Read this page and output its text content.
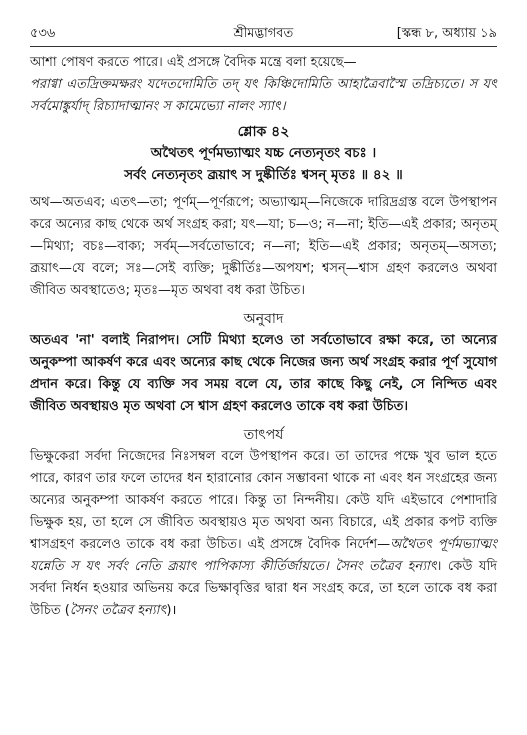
৫৩৬	শ্রীমদ্ভাগবত	[স্কন্ধ ৮, অধ্যায় ১৯

আশা পোষণ করতে পারে। এই প্রসঙ্গে বৈদিক মন্ত্রে বলা হয়েছে—

পরাগ্বা এতদ্রিক্তমক্ষরং যদেতদোমিতি তদ্ যৎ কিঞ্চিদোমিতি আহাত্রৈবাস্মৈ তদ্রিচ্যতে। স যৎ সর্বমোঙ্কুর্যাদ্ রিচ্যাদাত্মানং স কামেভ্যো নালং স্যাৎ।

শ্লোক ৪২
অথৈতৎ পূর্ণমভ্যাত্মং যচ্চ নেত্যনৃতং বচঃ ।
সর্বং নেত্যনৃতং ব্রূয়াৎ স দুষ্কীর্তিঃ শ্বসন্ মৃতঃ ॥ ৪২ ॥
অথ—অতএব; এতৎ—তা; পূর্ণম্—পূর্ণরূপে; অভ্যাত্মম্—নিজেকে দারিদ্রগ্রস্ত বলে উপস্থাপন করে অন্যের কাছ থেকে অর্থ সংগ্রহ করা; যৎ—যা; চ—ও; ন—না; ইতি—এই প্রকার; অনৃতম্—মিথ্যা; বচঃ—বাক্য; সর্বম্—সর্বতোভাবে; ন—না; ইতি—এই প্রকার; অনৃতম্—অসত্য; ব্রূয়াৎ—যে বলে; সঃ—সেই ব্যক্তি; দুষ্কীর্তিঃ—অপযশ; শ্বসন্—শ্বাস গ্রহণ করলেও অথবা জীবিত অবস্থাতেও; মৃতঃ—মৃত অথবা বধ করা উচিত।
অনুবাদ
অতএব 'না' বলাই নিরাপদ। সেটি মিথ্যা হলেও তা সর্বতোভাবে রক্ষা করে, তা অন্যের অনুকম্পা আকর্ষণ করে এবং অন্যের কাছ থেকে নিজের জন্য অর্থ সংগ্রহ করার পূর্ণ সুযোগ প্রদান করে। কিন্তু যে ব্যক্তি সব সময় বলে যে, তার কাছে কিছু নেই, সে নিন্দিত এবং জীবিত অবস্থায়ও মৃত অথবা সে শ্বাস গ্রহণ করলেও তাকে বধ করা উচিত।
তাৎপর্য
ভিক্ষুকেরা সর্বদা নিজেদের নিঃসম্বল বলে উপস্থাপন করে। তা তাদের পক্ষে খুব ভাল হতে পারে, কারণ তার ফলে তাদের ধন হারানোর কোন সম্ভাবনা থাকে না এবং ধন সংগ্রহের জন্য অন্যের অনুকম্পা আকর্ষণ করতে পারে। কিন্তু তা নিন্দনীয়। কেউ যদি এইভাবে পেশাদারি ভিক্ষুক হয়, তা হলে সে জীবিত অবস্থায়ও মৃত অথবা অন্য বিচারে, এই প্রকার কপট ব্যক্তি শ্বাসগ্রহণ করলেও তাকে বধ করা উচিত। এই প্রসঙ্গে বৈদিক নির্দেশ—অথৈতৎ পূর্ণমভ্যাত্মং যন্নেতি স যৎ সর্বং নেতি ব্রূয়াৎ পাপিকাস্য কীর্তির্জায়তে। সৈনং তত্রৈব হন্যাৎ। কেউ যদি সর্বদা নির্ধন হওয়ার অভিনয় করে ভিক্ষাবৃত্তির দ্বারা ধন সংগ্রহ করে, তা হলে তাকে বধ করা উচিত (সৈনং তত্রৈব হন্যাৎ)।
